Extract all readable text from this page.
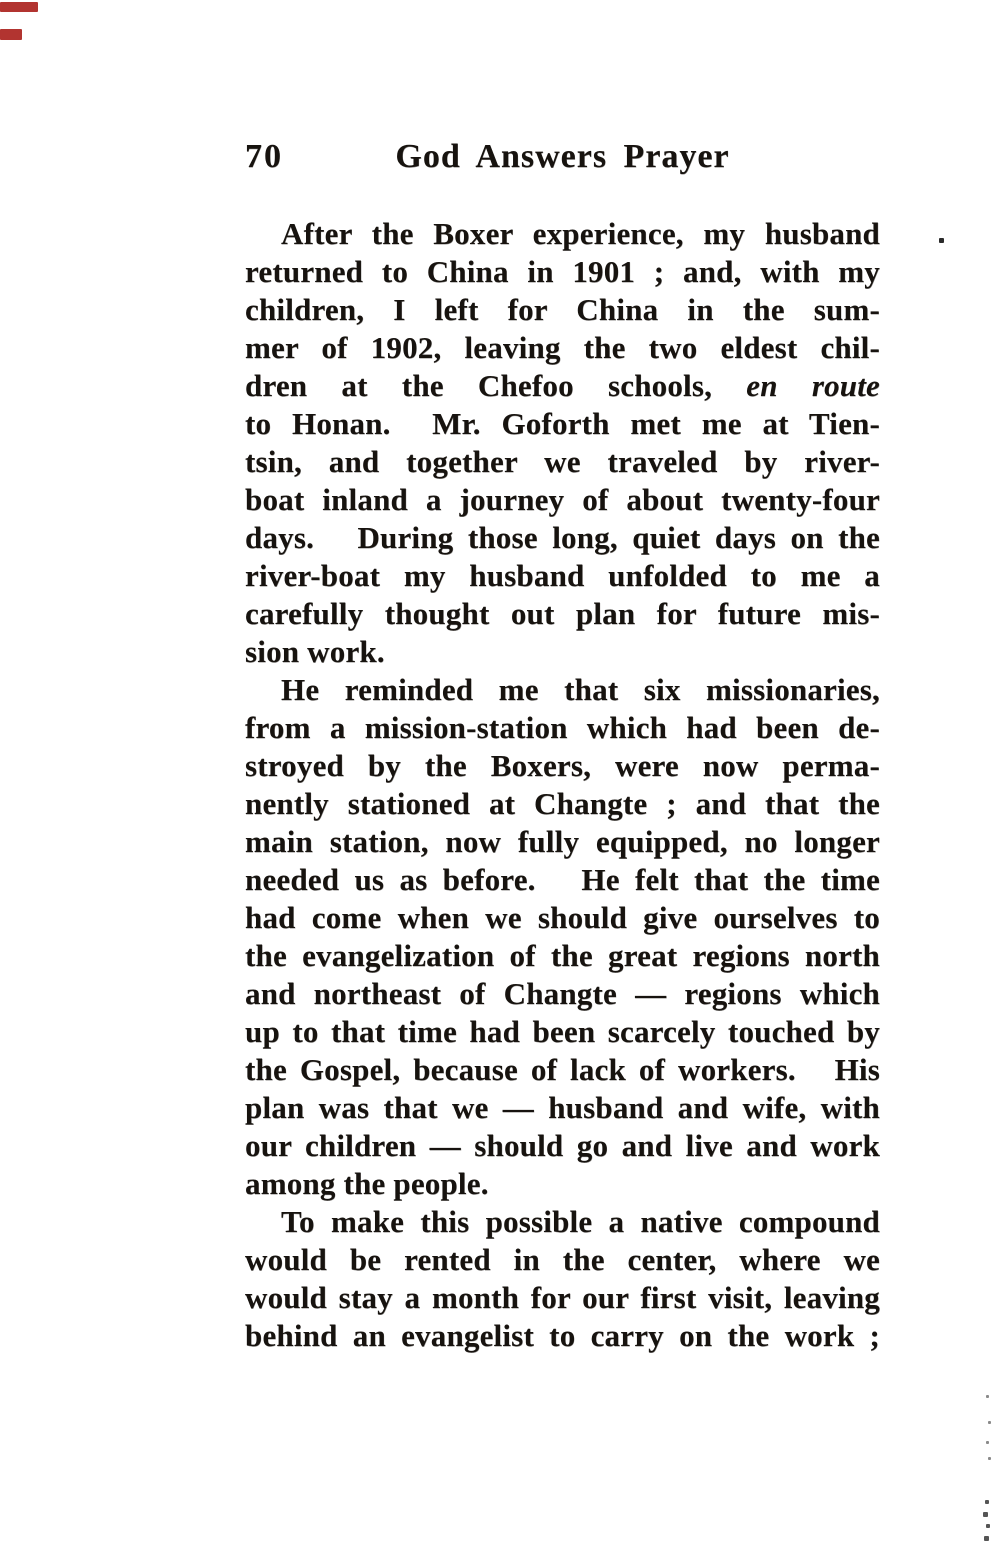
70	God Answers Prayer
After the Boxer experience, my husband
returned to China in 1901 ; and, with my
children, I left for China in the sum-
mer of 1902, leaving the two eldest chil-
dren at the Chefoo schools, en route
to Honan.  Mr. Goforth met me at Tien-
tsin, and together we traveled by river-
boat inland a journey of about twenty-four
days.   During those long, quiet days on the
river-boat my husband unfolded to me a
carefully thought out plan for future mis-
sion work.
He reminded me that six missionaries,
from a mission-station which had been de-
stroyed by the Boxers, were now perma-
nently stationed at Changte ; and that the
main station, now fully equipped, no longer
needed us as before.   He felt that the time
had come when we should give ourselves to
the evangelization of the great regions north
and northeast of Changte — regions which
up to that time had been scarcely touched by
the Gospel, because of lack of workers.   His
plan was that we — husband and wife, with
our children — should go and live and work
among the people.
To make this possible a native compound
would be rented in the center, where we
would stay a month for our first visit, leaving
behind an evangelist to carry on the work ;
